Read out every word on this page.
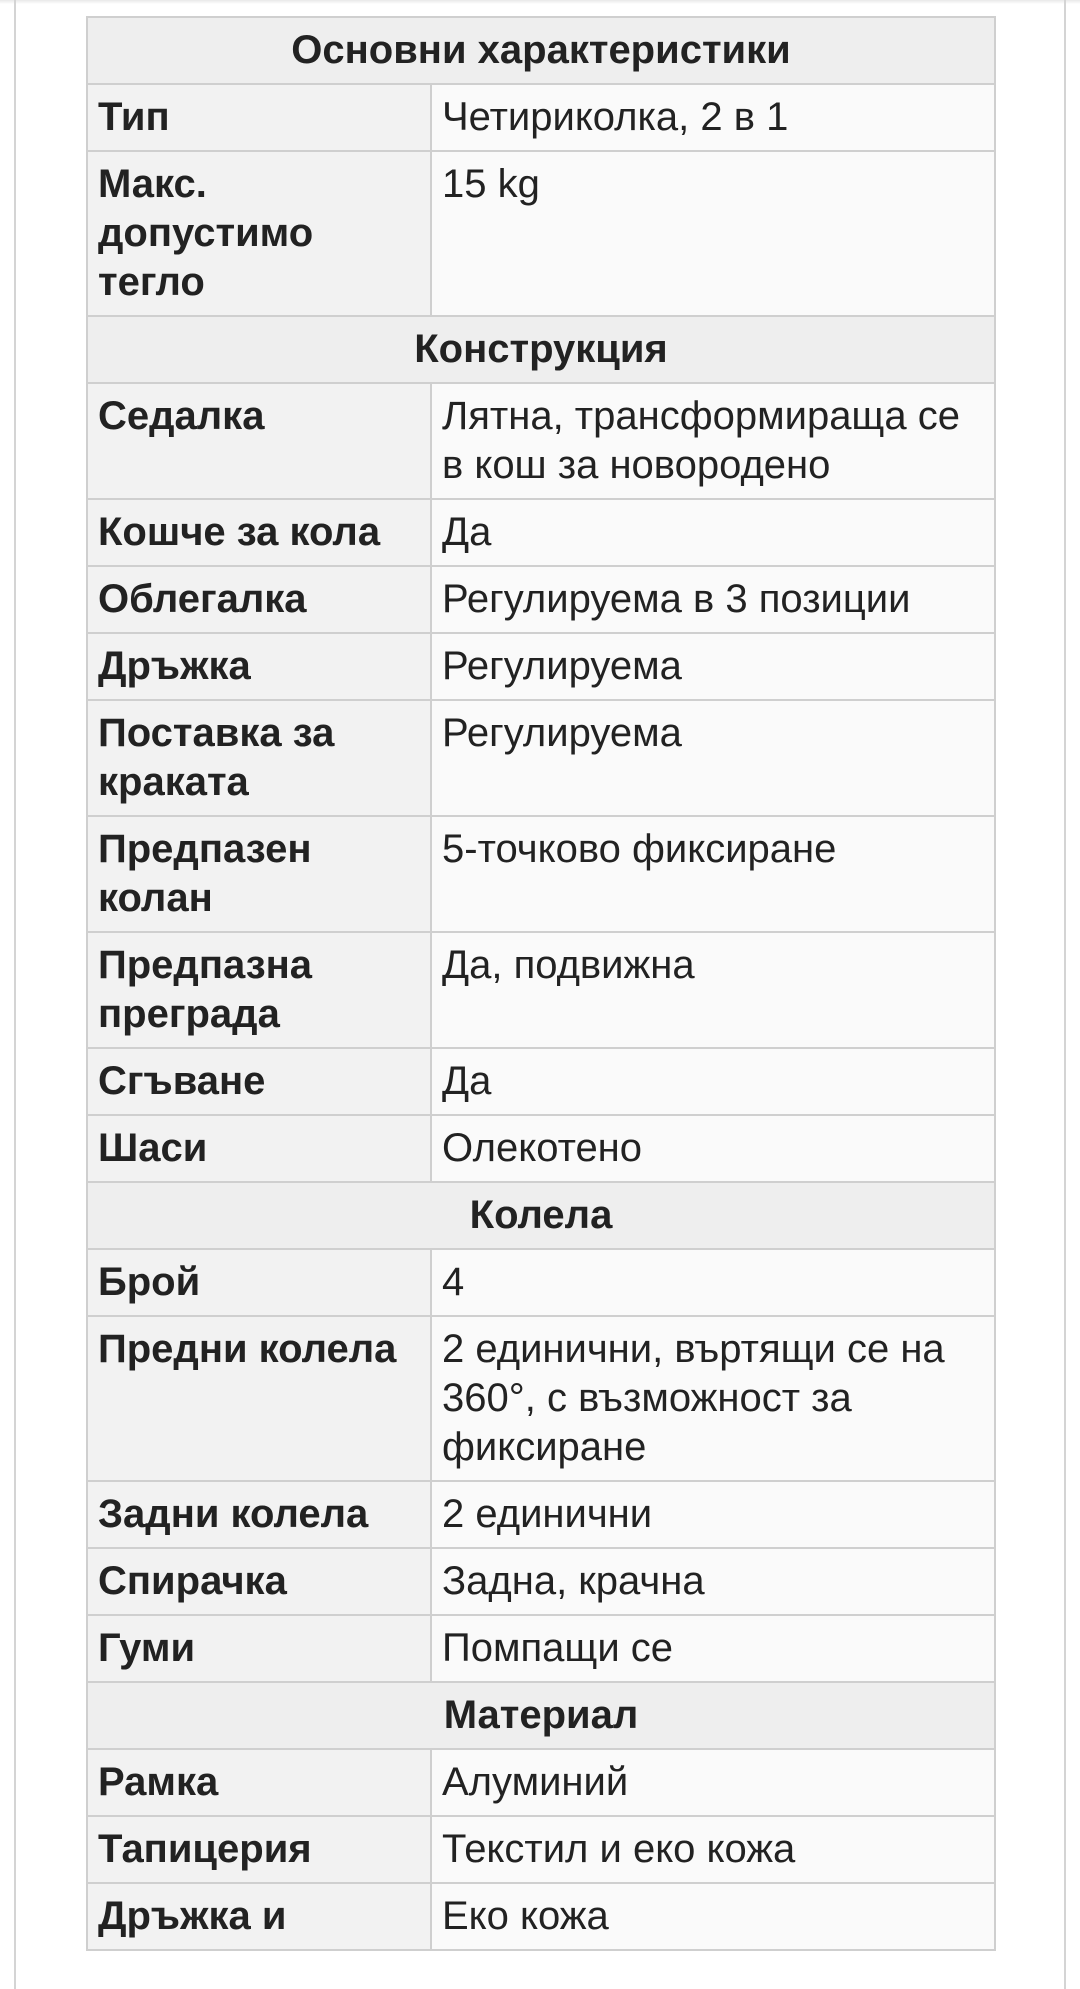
Основни характеристики	
Тип	Четириколка, 2 в 1
Макс. допустимо тегло	15 kg
Конструкция	
Седалка	Лятна, трансформираща се в кош за новородено
Кошче за кола	Да
Облегалка	Регулируема в 3 позиции
Дръжка	Регулируема
Поставка за краката	Регулируема
Предпазен колан	5-точково фиксиране
Предпазна преграда	Да, подвижна
Сгъване	Да
Шаси	Олекотено
Колела	
Брой	4
Предни колела	2 единични, въртящи се на 360°, с възможност за фиксиране
Задни колела	2 единични
Спирачка	Задна, крачна
Гуми	Помпащи се
Материал	
Рамка	Алуминий
Тапицерия	Текстил и еко кожа
Дръжка и	Еко кожа
